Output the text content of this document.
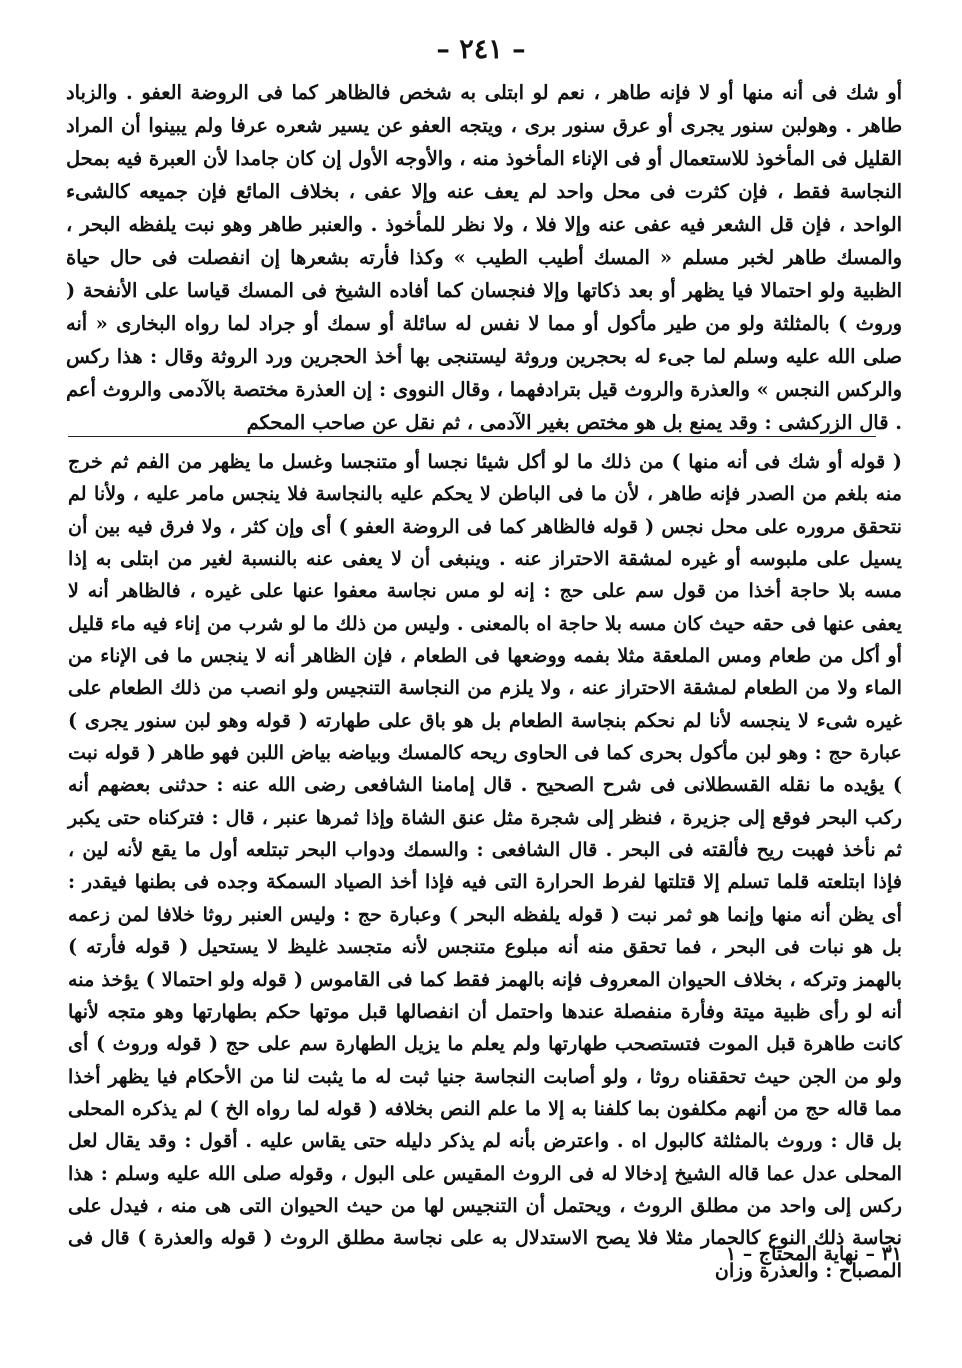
– ٢٤١ –

أو شك فى أنه منها أو لا فإنه طاهر ، نعم لو ابتلى به شخص فالظاهر كما فى الروضة العفو . والزباد طاهر . وهولبن سنور يجرى أو عرق سنور برى ، ويتجه العفو عن يسير شعره عرفا ولم يبينوا أن المراد القليل فى المأخوذ للاستعمال أو فى الإناء المأخوذ منه ، والأوجه الأول إن كان جامدا لأن العبرة فيه بمحل النجاسة فقط ، فإن كثرت فى محل واحد لم يعف عنه وإلا عفى ، بخلاف المائع فإن جميعه كالشىء الواحد ، فإن قل الشعر فيه عفى عنه وإلا فلا ، ولا نظر للمأخوذ . والعنبر طاهر وهو نبت يلفظه البحر ، والمسك طاهر لخبر مسلم « المسك أطيب الطيب » وكذا فأرته بشعرها إن انفصلت فى حال حياة الظبية ولو احتمالا فيا يظهر أو بعد ذكاتها وإلا فنجسان كما أفاده الشيخ فى المسك قياسا على الأنفحة ( وروث ) بالمثلثة ولو من طير مأكول أو مما لا نفس له سائلة أو سمك أو جراد لما رواه البخارى « أنه صلى الله عليه وسلم لما جىء له بحجرين وروثة ليستنجى بها أخذ الحجرين ورد الروثة وقال : هذا ركس والركس النجس » والعذرة والروث قيل بترادفهما ، وقال النووى : إن العذرة مختصة بالآدمى والروث أعم . قال الزركشى : وقد يمنع بل هو مختص بغير الآدمى ، ثم نقل عن صاحب المحكم

( قوله أو شك فى أنه منها ) من ذلك ما لو أكل شيئا نجسا أو متنجسا وغسل ما يظهر من الفم ثم خرج منه بلغم من الصدر فإنه طاهر ، لأن ما فى الباطن لا يحكم عليه بالنجاسة فلا ينجس مامر عليه ، ولأنا لم نتحقق مروره على محل نجس ( قوله فالظاهر كما فى الروضة العفو ) أى وإن كثر ، ولا فرق فيه بين أن يسيل على ملبوسه أو غيره لمشقة الاحتراز عنه . وينبغى أن لا يعفى عنه بالنسبة لغير من ابتلى به إذا مسه بلا حاجة أخذا من قول سم على حج : إنه لو مس نجاسة معفوا عنها على غيره ، فالظاهر أنه لا يعفى عنها فى حقه حيث كان مسه بلا حاجة اه بالمعنى . وليس من ذلك ما لو شرب من إناء فيه ماء قليل أو أكل من طعام ومس الملعقة مثلا بفمه ووضعها فى الطعام ، فإن الظاهر أنه لا ينجس ما فى الإناء من الماء ولا من الطعام لمشقة الاحتراز عنه ، ولا يلزم من النجاسة التنجيس ولو انصب من ذلك الطعام على غيره شىء لا ينجسه لأنا لم نحكم بنجاسة الطعام بل هو باق على طهارته ( قوله وهو لبن سنور يجرى ) عبارة حج : وهو لبن مأكول بحرى كما فى الحاوى ريحه كالمسك وبياضه بياض اللبن فهو طاهر ( قوله نبت ) يؤيده ما نقله القسطلانى فى شرح الصحيح . قال إمامنا الشافعى رضى الله عنه : حدثنى بعضهم أنه ركب البحر فوقع إلى جزيرة ، فنظر إلى شجرة مثل عنق الشاة وإذا ثمرها عنبر ، قال : فتركناه حتى يكبر ثم نأخذ فهبت ريح فألقته فى البحر . قال الشافعى : والسمك ودواب البحر تبتلعه أول ما يقع لأنه لين ، فإذا ابتلعته قلما تسلم إلا قتلتها لفرط الحرارة التى فيه فإذا أخذ الصياد السمكة وجده فى بطنها فيقدر : أى يظن أنه منها وإنما هو ثمر نبت ( قوله يلفظه البحر ) وعبارة حج : وليس العنبر روثا خلافا لمن زعمه بل هو نبات فى البحر ، فما تحقق منه أنه مبلوع متنجس لأنه متجسد غليظ لا يستحيل ( قوله فأرته ) بالهمز وتركه ، بخلاف الحيوان المعروف فإنه بالهمز فقط كما فى القاموس ( قوله ولو احتمالا ) يؤخذ منه أنه لو رأى ظبية ميتة وفأرة منفصلة عندها واحتمل أن انفصالها قبل موتها حكم بطهارتها وهو متجه لأنها كانت طاهرة قبل الموت فتستصحب طهارتها ولم يعلم ما يزيل الطهارة سم على حج ( قوله وروث ) أى ولو من الجن حيث تحققناه روثا ، ولو أصابت النجاسة جنيا ثبت له ما يثبت لنا من الأحكام فيا يظهر أخذا مما قاله حج من أنهم مكلفون بما كلفنا به إلا ما علم النص بخلافه ( قوله لما رواه الخ ) لم يذكره المحلى بل قال : وروث بالمثلثة كالبول اه . واعترض بأنه لم يذكر دليله حتى يقاس عليه . أقول : وقد يقال لعل المحلى عدل عما قاله الشيخ إدخالا له فى الروث المقيس على البول ، وقوله صلى الله عليه وسلم : هذا ركس إلى واحد من مطلق الروث ، ويحتمل أن التنجيس لها من حيث الحيوان التى هى منه ، فيدل على نجاسة ذلك النوع كالحمار مثلا فلا يصح الاستدلال به على نجاسة مطلق الروث ( قوله والعذرة ) قال فى المصباح : والعذرة وزان

٣١ – نهاية المحتاج – ١
